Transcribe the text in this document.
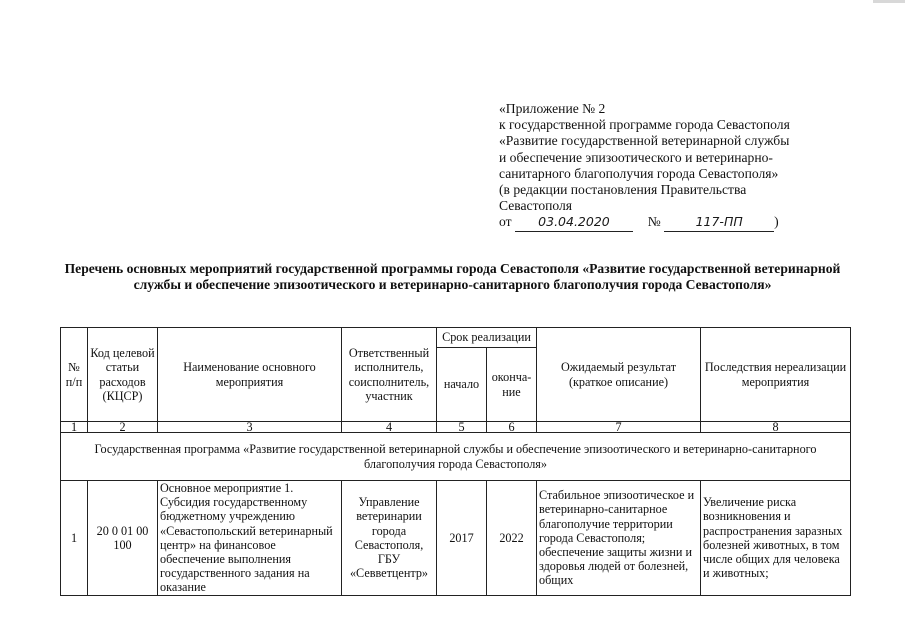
«Приложение № 2
к государственной программе города Севастополя
«Развитие государственной ветеринарной службы
и обеспечение эпизоотического и ветеринарно-
санитарного благополучия города Севастополя»
(в редакции постановления Правительства
Севастополя
от 03.04.2020	№	117-ПП )
Перечень основных мероприятий государственной программы города Севастополя «Развитие государственной ветеринарной службы и обеспечение эпизоотического и ветеринарно-санитарного благополучия города Севастополя»
№ п/п	Код целевой статьи расходов (КЦСР)	Наименование основного мероприятия	Ответственный исполнитель, соисполнитель, участник	Срок реализации		Ожидаемый результат (краткое описание)	Последствия нереализации мероприятия
				начало	оконча-ние		
1	2	3	4	5	6	7	8
Государственная программа «Развитие государственной ветеринарной службы и обеспечение эпизоотического и ветеринарно-санитарного благополучия города Севастополя»							
1	20 0 01 00 100	Основное мероприятие 1. Субсидия государственному бюджетному учреждению «Севастопольский ветеринарный центр» на финансовое обеспечение выполнения государственного задания на оказание	Управление ветеринарии города Севастополя, ГБУ «Севветцентр»	2017	2022	Стабильное эпизоотическое и ветеринарно-санитарное благополучие территории города Севастополя; обеспечение защиты жизни и здоровья людей от болезней, общих	Увеличение риска возникновения и распространения заразных болезней животных, в том числе общих для человека и животных;
